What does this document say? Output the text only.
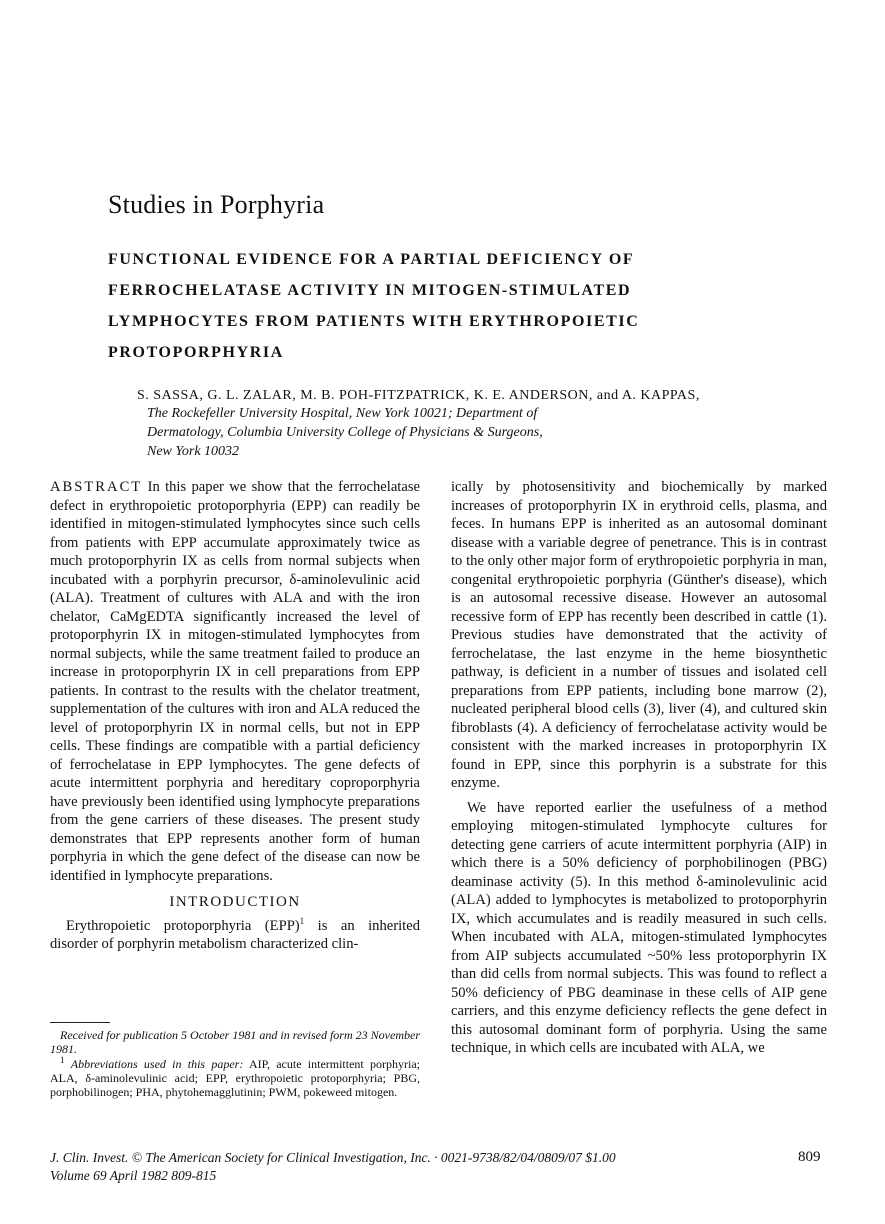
Studies in Porphyria
FUNCTIONAL EVIDENCE FOR A PARTIAL DEFICIENCY OF
FERROCHELATASE ACTIVITY IN MITOGEN-STIMULATED
LYMPHOCYTES FROM PATIENTS WITH ERYTHROPOIETIC
PROTOPORPHYRIA
S. SASSA, G. L. ZALAR, M. B. POH-FITZPATRICK, K. E. ANDERSON, and A. KAPPAS,
The Rockefeller University Hospital, New York 10021; Department of
Dermatology, Columbia University College of Physicians & Surgeons,
New York 10032

ABSTRACT In this paper we show that the ferrochelatase defect in erythropoietic protoporphyria (EPP) can readily be identified in mitogen-stimulated lymphocytes since such cells from patients with EPP accumulate approximately twice as much protoporphyrin IX as cells from normal subjects when incubated with a porphyrin precursor, δ-aminolevulinic acid (ALA). Treatment of cultures with ALA and with the iron chelator, CaMgEDTA significantly increased the level of protoporphyrin IX in mitogen-stimulated lymphocytes from normal subjects, while the same treatment failed to produce an increase in protoporphyrin IX in cell preparations from EPP patients. In contrast to the results with the chelator treatment, supplementation of the cultures with iron and ALA reduced the level of protoporphyrin IX in normal cells, but not in EPP cells. These findings are compatible with a partial deficiency of ferrochelatase in EPP lymphocytes. The gene defects of acute intermittent porphyria and hereditary coproporphyria have previously been identified using lymphocyte preparations from the gene carriers of these diseases. The present study demonstrates that EPP represents another form of human porphyria in which the gene defect of the disease can now be identified in lymphocyte preparations.

INTRODUCTION

Erythropoietic protoporphyria (EPP)$^1$ is an inherited disorder of porphyrin metabolism characterized clin-

Received for publication 5 October 1981 and in revised form 23 November 1981.

$^1$ Abbreviations used in this paper: AIP, acute intermittent porphyria; ALA, δ-aminolevulinic acid; EPP, erythropoietic protoporphyria; PBG, porphobilinogen; PHA, phytohemagglutinin; PWM, pokeweed mitogen.

ically by photosensitivity and biochemically by marked increases of protoporphyrin IX in erythroid cells, plasma, and feces. In humans EPP is inherited as an autosomal dominant disease with a variable degree of penetrance. This is in contrast to the only other major form of erythropoietic porphyria in man, congenital erythropoietic porphyria (Günther's disease), which is an autosomal recessive disease. However an autosomal recessive form of EPP has recently been described in cattle (1). Previous studies have demonstrated that the activity of ferrochelatase, the last enzyme in the heme biosynthetic pathway, is deficient in a number of tissues and isolated cell preparations from EPP patients, including bone marrow (2), nucleated peripheral blood cells (3), liver (4), and cultured skin fibroblasts (4). A deficiency of ferrochelatase activity would be consistent with the marked increases in protoporphyrin IX found in EPP, since this porphyrin is a substrate for this enzyme.

We have reported earlier the usefulness of a method employing mitogen-stimulated lymphocyte cultures for detecting gene carriers of acute intermittent porphyria (AIP) in which there is a 50% deficiency of porphobilinogen (PBG) deaminase activity (5). In this method δ-aminolevulinic acid (ALA) added to lymphocytes is metabolized to protoporphyrin IX, which accumulates and is readily measured in such cells. When incubated with ALA, mitogen-stimulated lymphocytes from AIP subjects accumulated ~50% less protoporphyrin IX than did cells from normal subjects. This was found to reflect a 50% deficiency of PBG deaminase in these cells of AIP gene carriers, and this enzyme deficiency reflects the gene defect in this autosomal dominant form of porphyria. Using the same technique, in which cells are incubated with ALA, we

J. Clin. Invest. © The American Society for Clinical Investigation, Inc. · 0021-9738/82/04/0809/07 $1.00
Volume 69 April 1982 809-815
809
